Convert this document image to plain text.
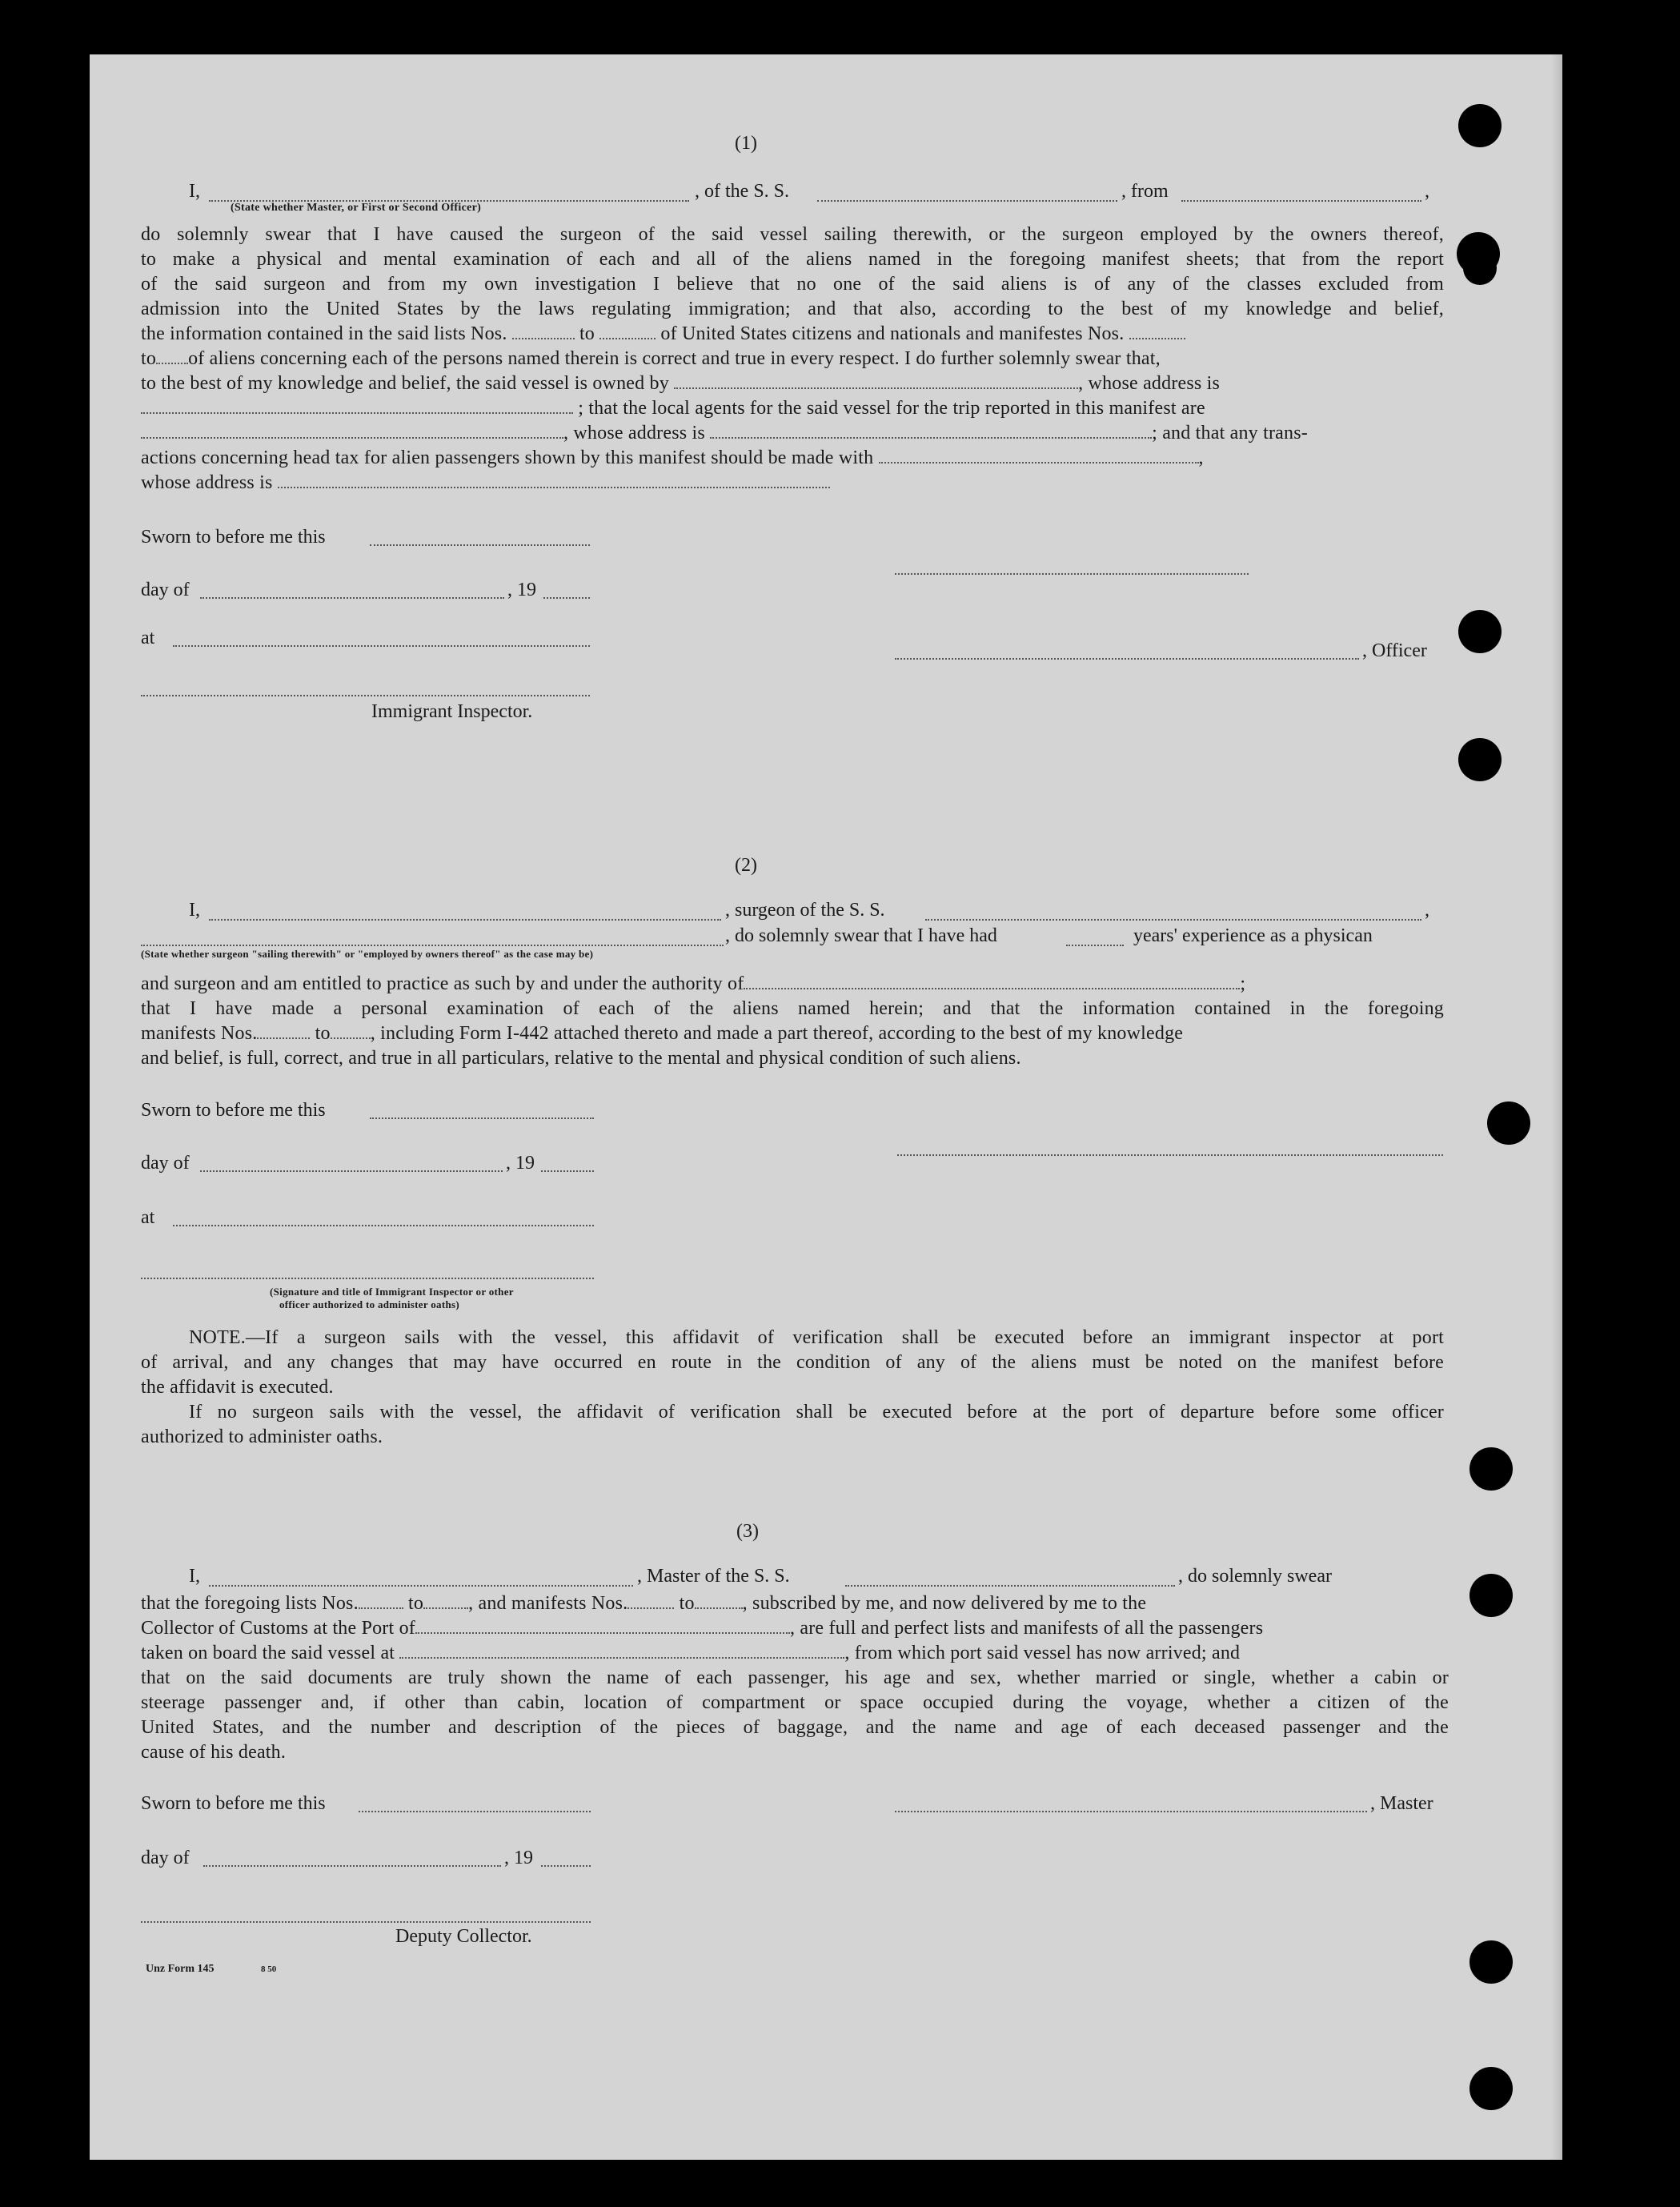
(1)
I,	, of the S. S.	, from	,
(State whether Master, or First or Second Officer)
do solemnly swear that I have caused the surgeon of the said vessel sailing therewith, or the surgeon employed by the owners thereof,
to make a physical and mental examination of each and all of the aliens named in the foregoing manifest sheets; that from the report
of the said surgeon and from my own investigation I believe that no one of the said aliens is of any of the classes excluded from
admission into the United States by the laws regulating immigration; and that also, according to the best of my knowledge and belief,
the information contained in the said lists Nos.	to	of United States citizens and nationals and manifestes Nos.
to of aliens concerning each of the persons named therein is correct and true in every respect. I do further solemnly swear that,
to the best of my knowledge and belief, the said vessel is owned by	, whose address is
; that the local agents for the said vessel for the trip reported in this manifest are
, whose address is	; and that any trans-
actions concerning head tax for alien passengers shown by this manifest should be made with	,
whose address is
Sworn to before me this
day of	, 19
at
, Officer
Immigrant Inspector.
(2)
I,	, surgeon of the S. S.	,
, do solemnly swear that I have had	years' experience as a physican
(State whether surgeon "sailing therewith" or "employed by owners thereof" as the case may be)
and surgeon and am entitled to practice as such by and under the authority of	;
that I have made a personal examination of each of the aliens named herein; and that the information contained in the foregoing
manifests Nos.	to , including Form I-442 attached thereto and made a part thereof, according to the best of my knowledge
and belief, is full, correct, and true in all particulars, relative to the mental and physical condition of such aliens.
Sworn to before me this
day of	, 19
at
(Signature and title of Immigrant Inspector or other
officer authorized to administer oaths)
NOTE.—If a surgeon sails with the vessel, this affidavit of verification shall be executed before an immigrant inspector at port
of arrival, and any changes that may have occurred en route in the condition of any of the aliens must be noted on the manifest before
the affidavit is executed.
If no surgeon sails with the vessel, the affidavit of verification shall be executed before at the port of departure before some officer
authorized to administer oaths.
(3)
I,	, Master of the S. S.	, do solemnly swear
that the foregoing lists Nos.	to , and manifests Nos.	to	, subscribed by me, and now delivered by me to the
Collector of Customs at the Port of	, are full and perfect lists and manifests of all the passengers
taken on board the said vessel at	, from which port said vessel has now arrived; and
that on the said documents are truly shown the name of each passenger, his age and sex, whether married or single, whether a cabin or
steerage passenger and, if other than cabin, location of compartment or space occupied during the voyage, whether a citizen of the
United States, and the number and description of the pieces of baggage, and the name and age of each deceased passenger and the
cause of his death.
Sworn to before me this	, Master
day of	, 19
Deputy Collector.
Unz Form 145	8 50
